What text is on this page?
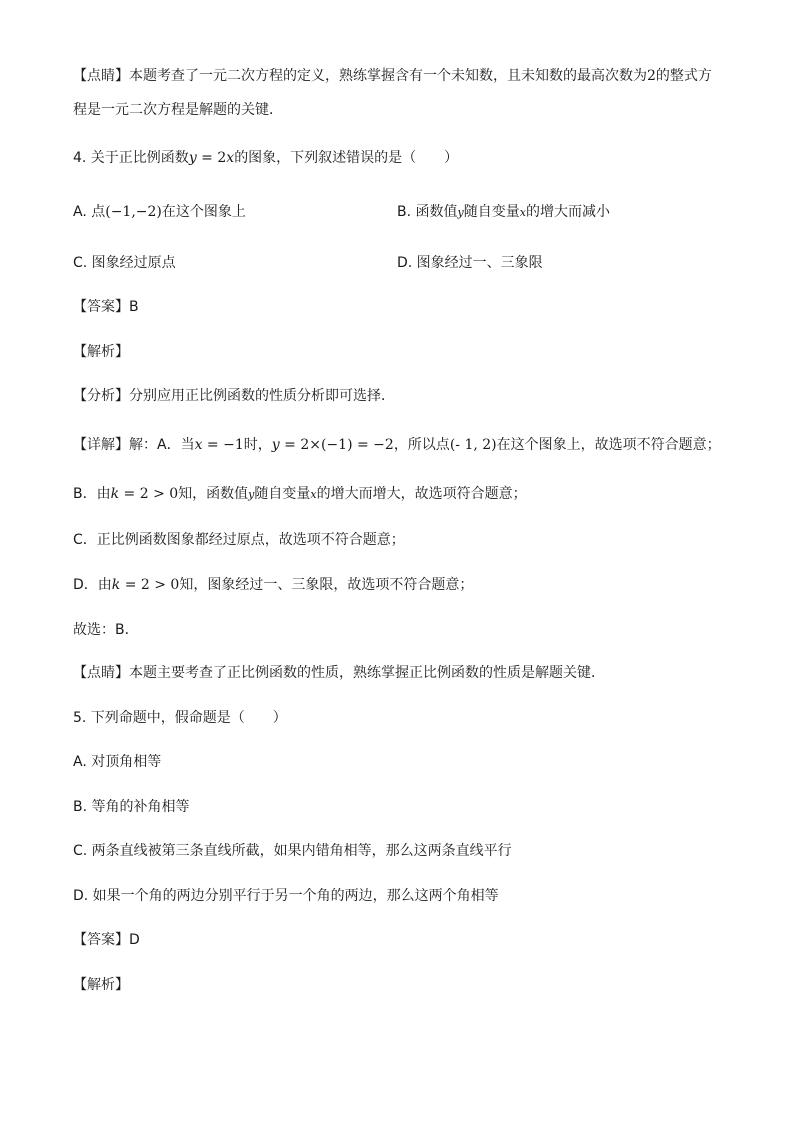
【点睛】本题考查了一元二次方程的定义，熟练掌握含有一个未知数，且未知数的最高次数为2的整式方
程是一元二次方程是解题的关键．
4. 关于正比例函数y = 2x的图象，下列叙述错误的是（　　）
A. 点(−1,−2)在这个图象上	B. 函数值y随自变量x的增大而减小
C. 图象经过原点	D. 图象经过一、三象限
【答案】B
【解析】
【分析】分别应用正比例函数的性质分析即可选择．
【详解】解：A．当x = −1时，y = 2×(−1) = −2，所以点(- 1, 2)在这个图象上，故选项不符合题意；
B．由k = 2 > 0知，函数值y随自变量x的增大而增大，故选项符合题意；
C．正比例函数图象都经过原点，故选项不符合题意；
D．由k = 2 > 0知，图象经过一、三象限，故选项不符合题意；
故选：B．
【点睛】本题主要考查了正比例函数的性质，熟练掌握正比例函数的性质是解题关键．
5. 下列命题中，假命题是（　　）
A. 对顶角相等
B. 等角的补角相等
C. 两条直线被第三条直线所截，如果内错角相等，那么这两条直线平行
D. 如果一个角的两边分别平行于另一个角的两边，那么这两个角相等
【答案】D
【解析】
